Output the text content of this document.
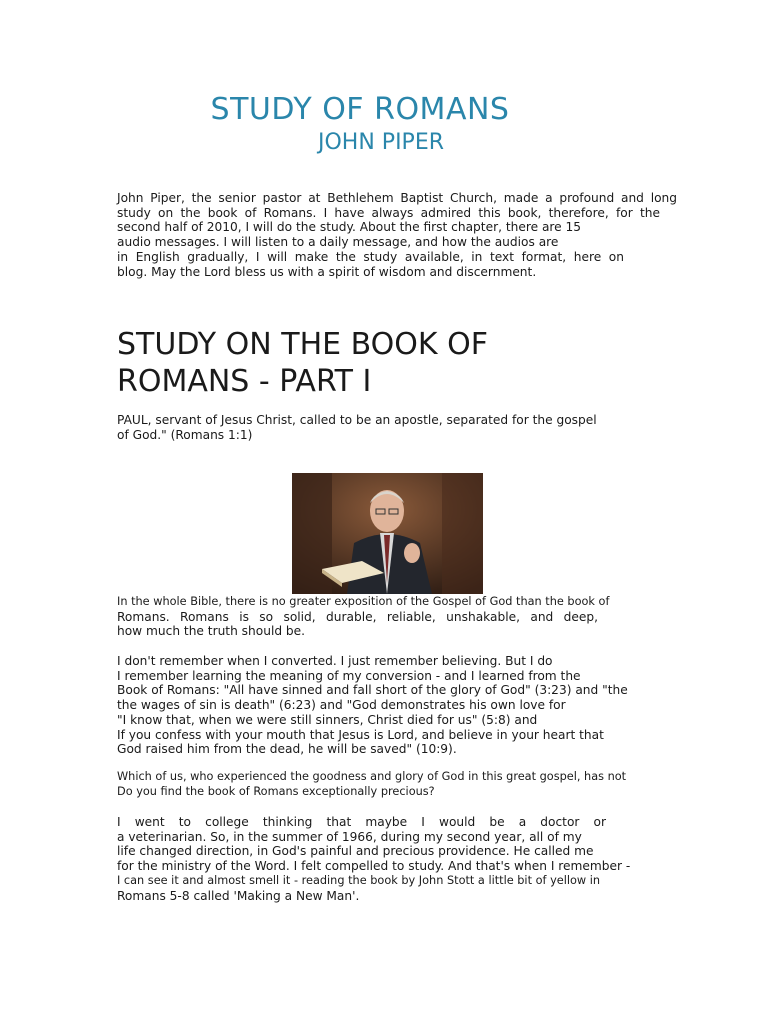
STUDY OF ROMANS
JOHN PIPER
John Piper, the senior pastor at Bethlehem Baptist Church, made a profound and long
study on the book of Romans. I have always admired this book, therefore, for the
second half of 2010, I will do the study. About the first chapter, there are 15
audio messages. I will listen to a daily message, and how the audios are
in English gradually, I will make the study available, in text format, here on
blog. May the Lord bless us with a spirit of wisdom and discernment.
STUDY ON THE BOOK OF
ROMANS - PART I
PAUL, servant of Jesus Christ, called to be an apostle, separated for the gospel
of God." (Romans 1:1)
In the whole Bible, there is no greater exposition of the Gospel of God than the book of
Romans. Romans is so solid, durable, reliable, unshakable, and deep,
how much the truth should be.
I don't remember when I converted. I just remember believing. But I do
I remember learning the meaning of my conversion - and I learned from the
Book of Romans: "All have sinned and fall short of the glory of God" (3:23) and "the
the wages of sin is death" (6:23) and "God demonstrates his own love for
"I know that, when we were still sinners, Christ died for us" (5:8) and
If you confess with your mouth that Jesus is Lord, and believe in your heart that
God raised him from the dead, he will be saved" (10:9).
Which of us, who experienced the goodness and glory of God in this great gospel, has not
Do you find the book of Romans exceptionally precious?
I went to college thinking that maybe I would be a doctor or
a veterinarian. So, in the summer of 1966, during my second year, all of my
life changed direction, in God's painful and precious providence. He called me
for the ministry of the Word. I felt compelled to study. And that's when I remember -
I can see it and almost smell it - reading the book by John Stott a little bit of yellow in
Romans 5-8 called 'Making a New Man'.
